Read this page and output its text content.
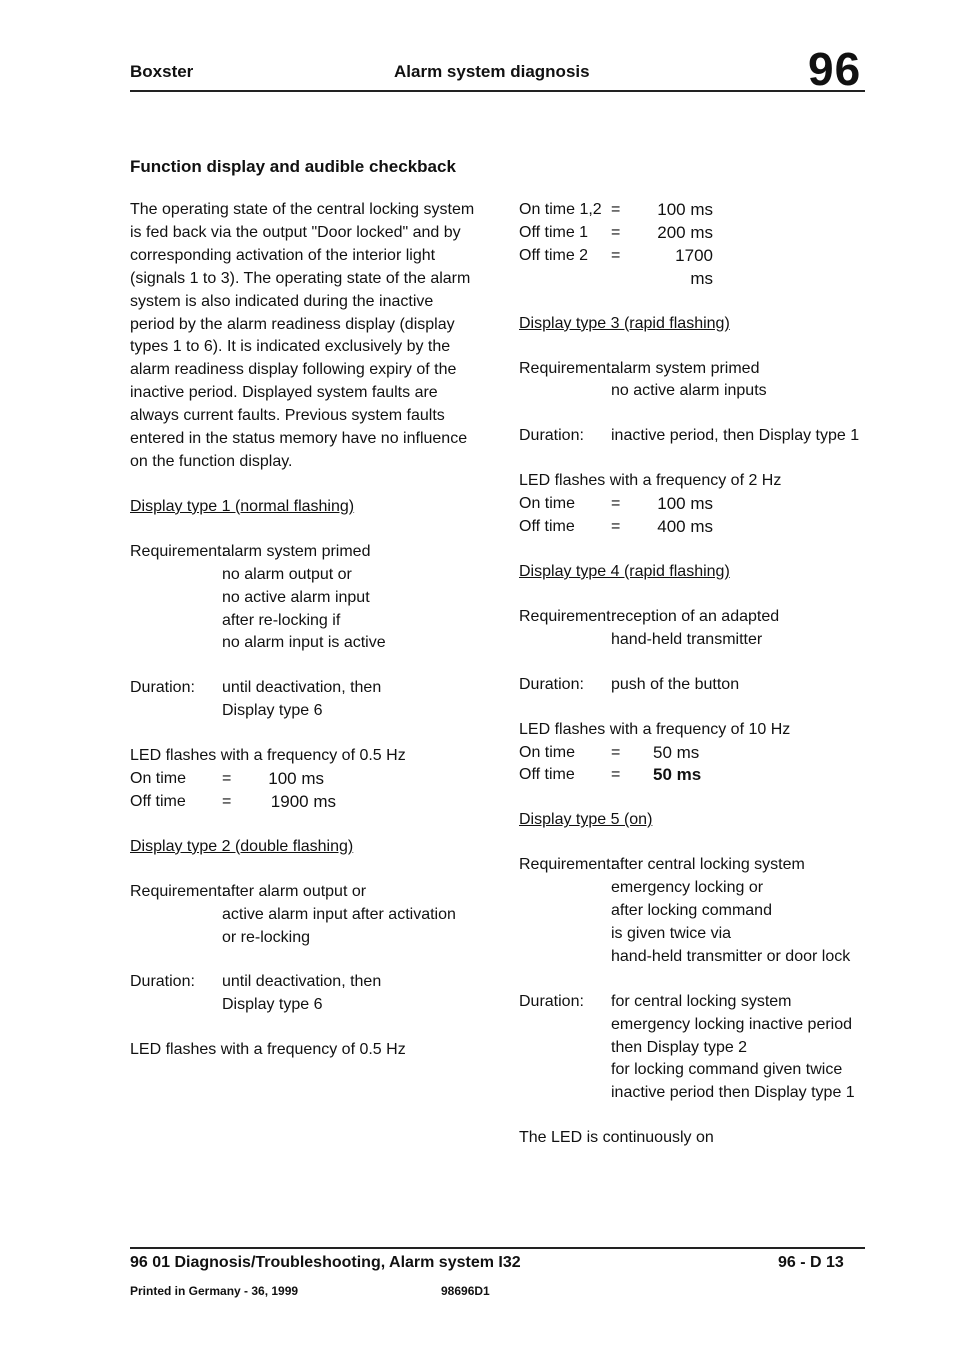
Boxster	Alarm system diagnosis	96
Function display and audible checkback

The operating state of the central locking system is fed back via the output "Door locked" and by corresponding activation of the interior light (signals 1 to 3). The operating state of the alarm system is also indicated during the inactive period by the alarm readiness display (display types 1 to 6). It is indicated exclusively by the alarm readiness display following expiry of the inactive period. Displayed system faults are always current faults. Previous system faults entered in the status memory have no influence on the function display.

Display type 1 (normal flashing)
Requirement:
alarm system primed
no alarm output or
no active alarm input
after re-locking if
no alarm input is active
Duration:	until deactivation, then
Display type 6
LED flashes with a frequency of 0.5 Hz
On time	=	100 ms
Off time	=	1900 ms
Display type 2 (double flashing)
Requirement:
after alarm output or
active alarm input after activation
or re-locking
Duration:	until deactivation, then
Display type 6
LED flashes with a frequency of 0.5 Hz
On time 1,2 =	100 ms
Off time 1	=	200 ms
Off time 2	=	1700 ms
Display type 3 (rapid flashing)
Requirement:
alarm system primed
no active alarm inputs
Duration:	inactive period, then Display type 1
LED flashes with a frequency of 2 Hz
On time	=	100 ms
Off time	=	400 ms
Display type 4 (rapid flashing)
Requirement:
reception of an adapted
hand-held transmitter
Duration:	push of the button
LED flashes with a frequency of 10 Hz
On time	=	50 ms
Off time	=	50 ms
Display type 5 (on)
Requirement:
after central locking system
emergency locking or
after locking command
is given twice via
hand-held transmitter or door lock
Duration:	for central locking system
emergency locking inactive period
then Display type 2
for locking command given twice
inactive period then Display type 1
The LED is continuously on
96 01 Diagnosis/Troubleshooting, Alarm system I32	96 - D 13
Printed in Germany - 36, 1999	98696D1
